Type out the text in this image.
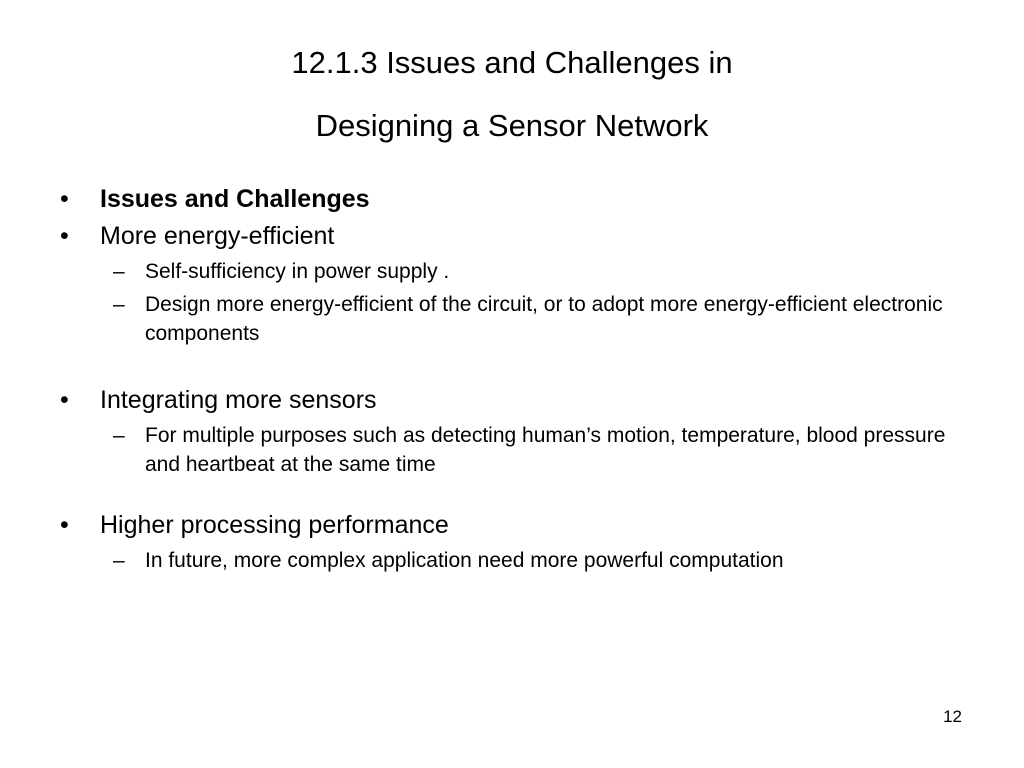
12.1.3 Issues and Challenges in
Designing a Sensor Network
• Issues and Challenges
• More energy-efficient
– Self-sufficiency in power supply .
– Design more energy-efficient of the circuit, or to adopt more energy-efficient electronic components
• Integrating more sensors
– For multiple purposes such as detecting human’s motion, temperature, blood pressure and heartbeat at the same time
• Higher processing performance
– In future, more complex application need more powerful computation
12
